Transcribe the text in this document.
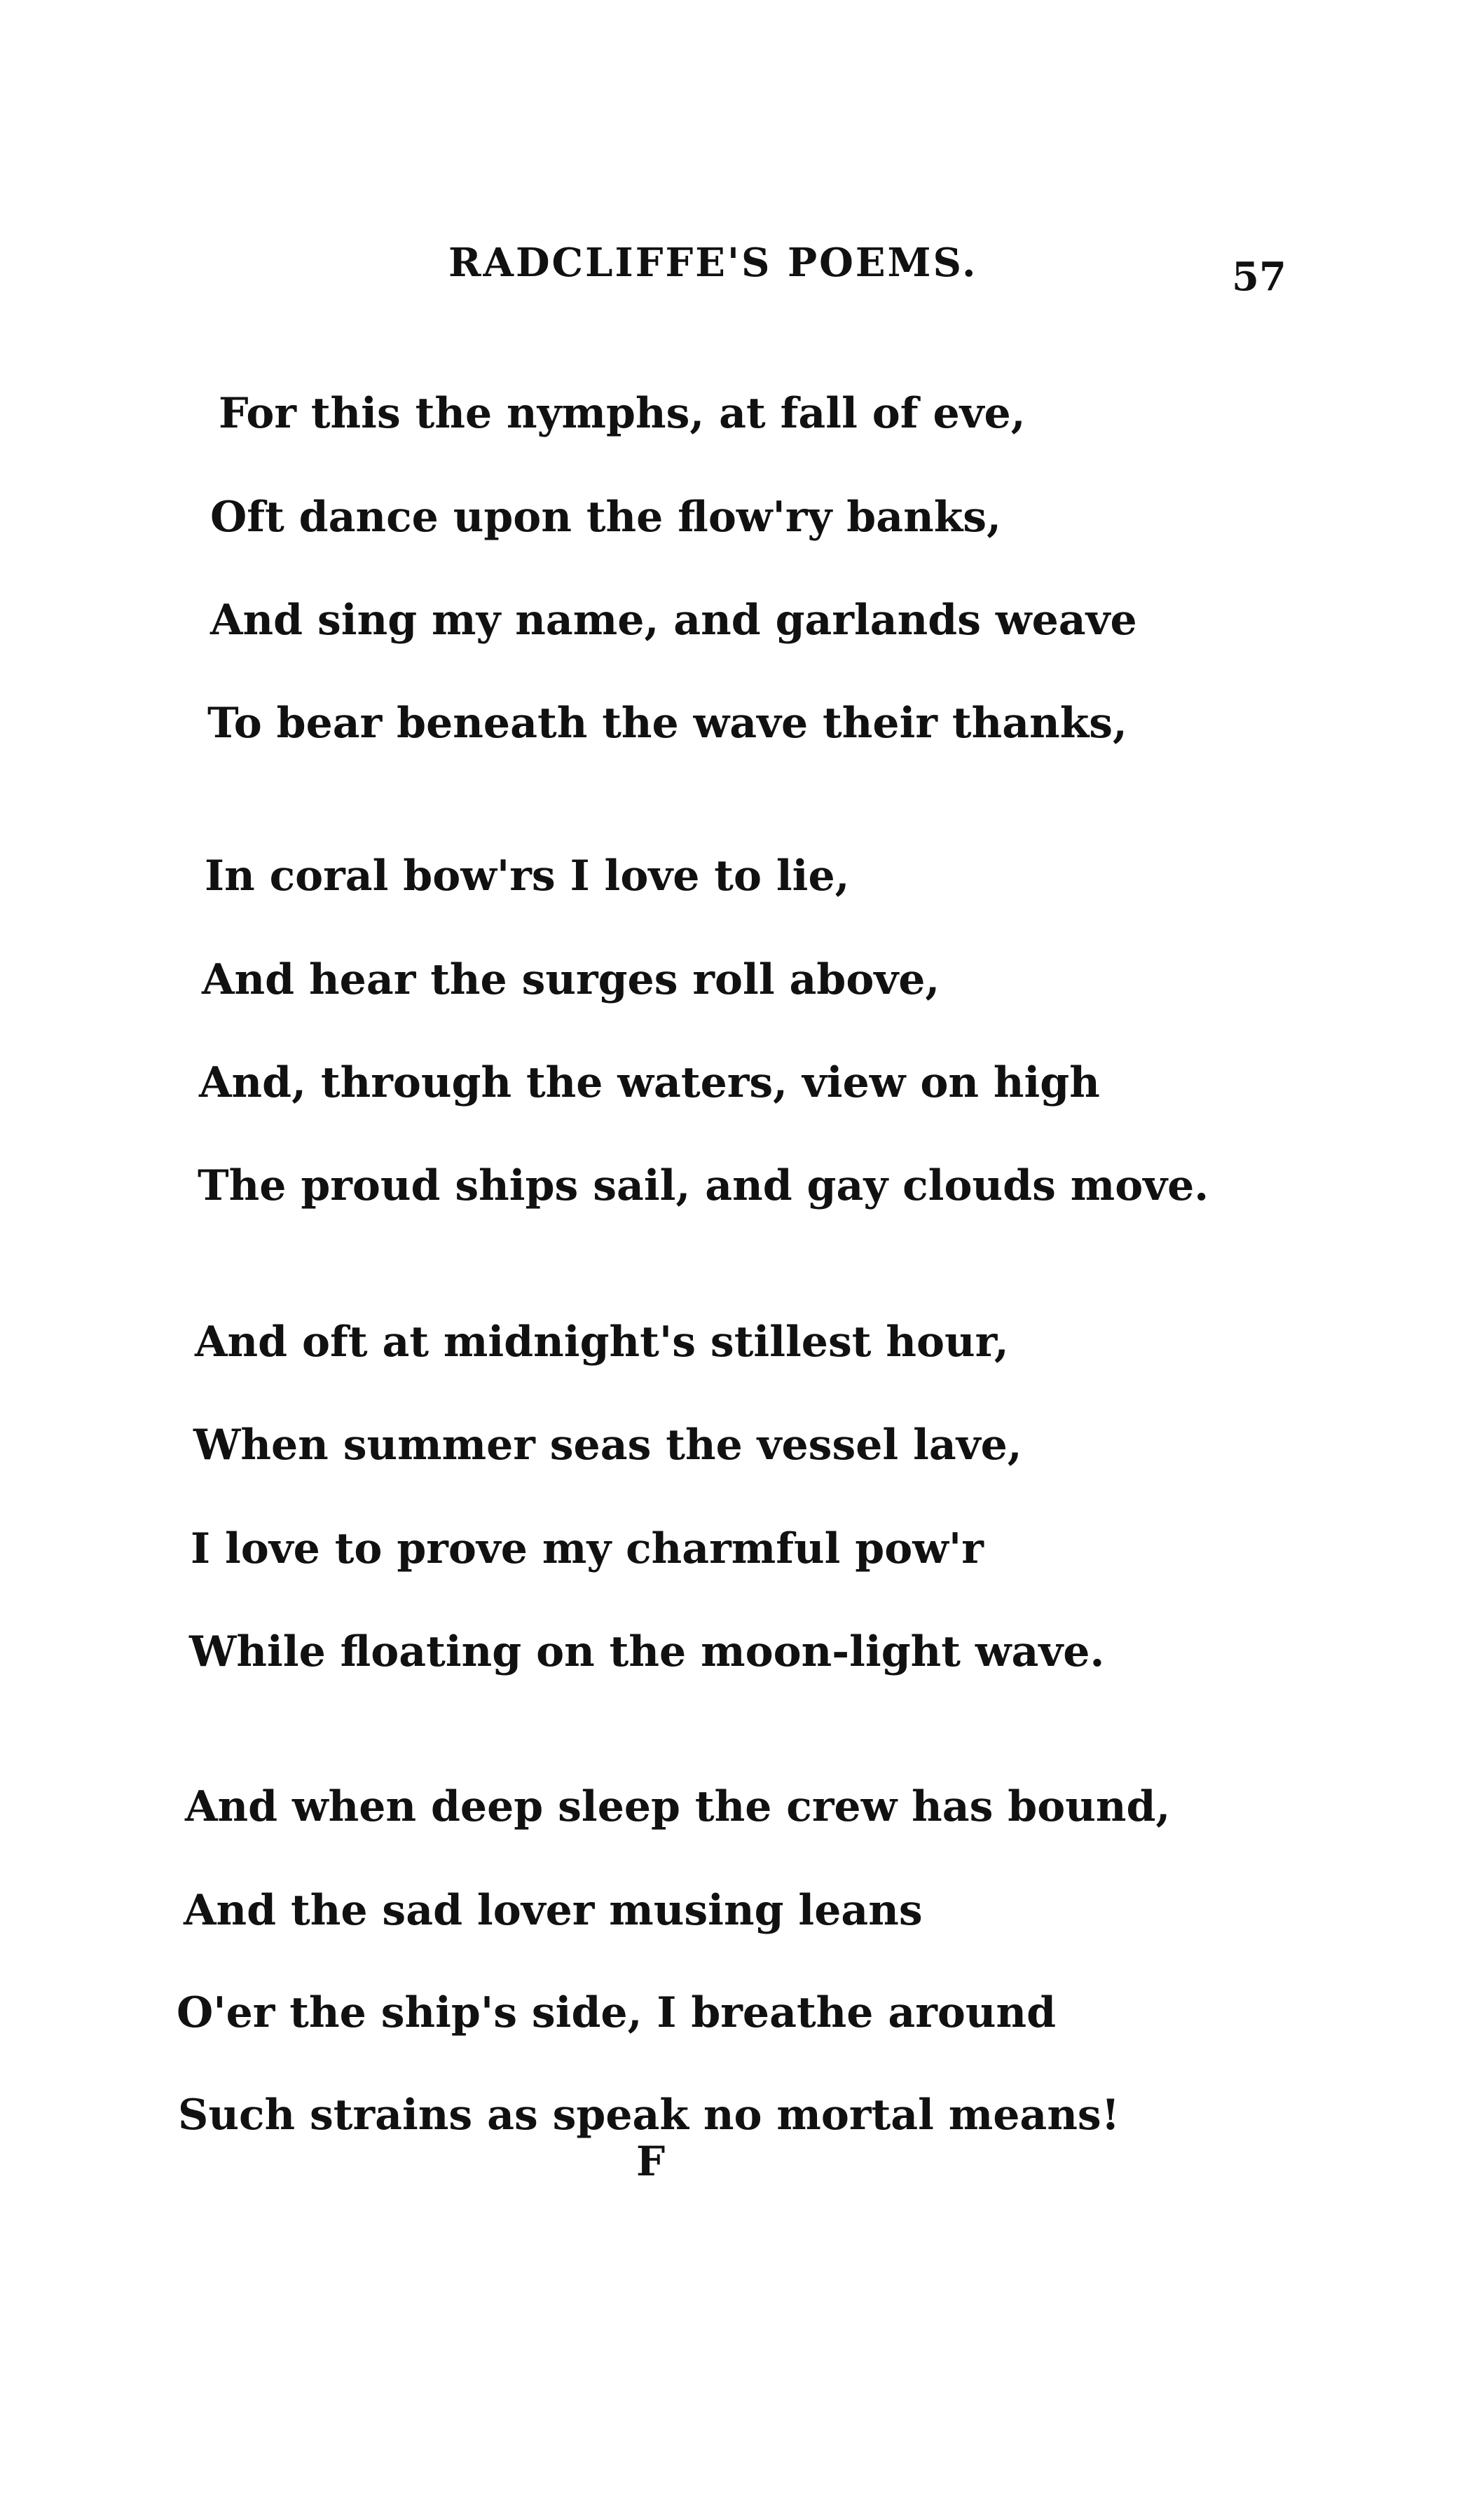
RADCLIFFE'S POEMS.	57
For this the nymphs, at fall of eve,
Oft dance upon the flow'ry banks,
And sing my name, and garlands weave
To bear beneath the wave their thanks,
In coral bow'rs I love to lie,
And hear the surges roll above,
And, through the waters, view on high
The proud ships sail, and gay clouds move.
And oft at midnight's stillest hour,
When summer seas the vessel lave,
I love to prove my charmful pow'r
While floating on the moon-light wave.
And when deep sleep the crew has bound,
And the sad lover musing leans
O'er the ship's side, I breathe around
Such strains as speak no mortal means!
F
